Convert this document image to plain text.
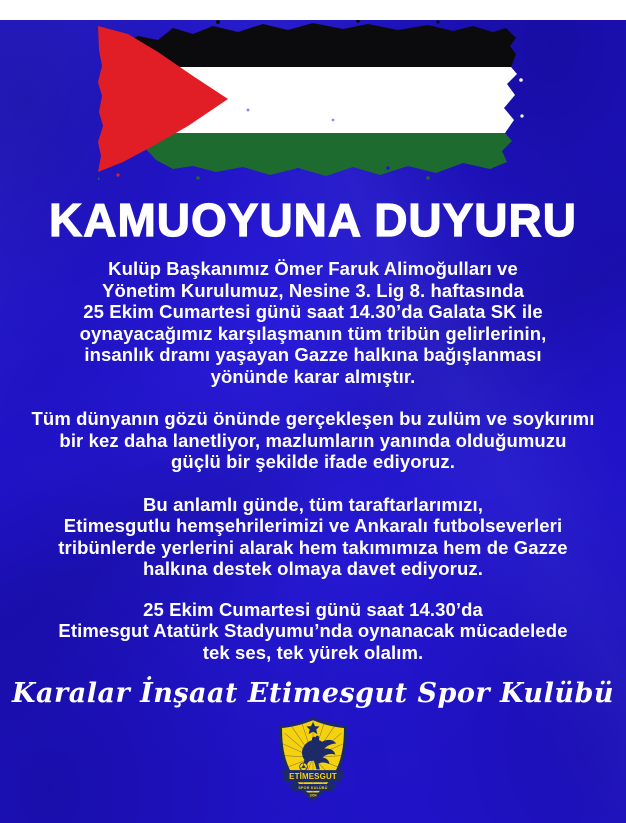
KAMUOYUNA DUYURU
Kulüp Başkanımız Ömer Faruk Alimoğulları ve
Yönetim Kurulumuz, Nesine 3. Lig 8. haftasında
25 Ekim Cumartesi günü saat 14.30’da Galata SK ile
oynayacağımız karşılaşmanın tüm tribün gelirlerinin,
insanlık dramı yaşayan Gazze halkına bağışlanması
yönünde karar almıştır.
Tüm dünyanın gözü önünde gerçekleşen bu zulüm ve soykırımı
bir kez daha lanetliyor, mazlumların yanında olduğumuzu
güçlü bir şekilde ifade ediyoruz.
Bu anlamlı günde, tüm taraftarlarımızı,
Etimesgutlu hemşehrilerimizi ve Ankaralı futbolseverleri
tribünlerde yerlerini alarak hem takımımıza hem de Gazze
halkına destek olmaya davet ediyoruz.
25 Ekim Cumartesi günü saat 14.30’da
Etimesgut Atatürk Stadyumu’nda oynanacak mücadelede
tek ses, tek yürek olalım.
Karalar İnşaat Etimesgut Spor Kulübü
ETİMESGUT
SPOR KULÜBÜ
1954
